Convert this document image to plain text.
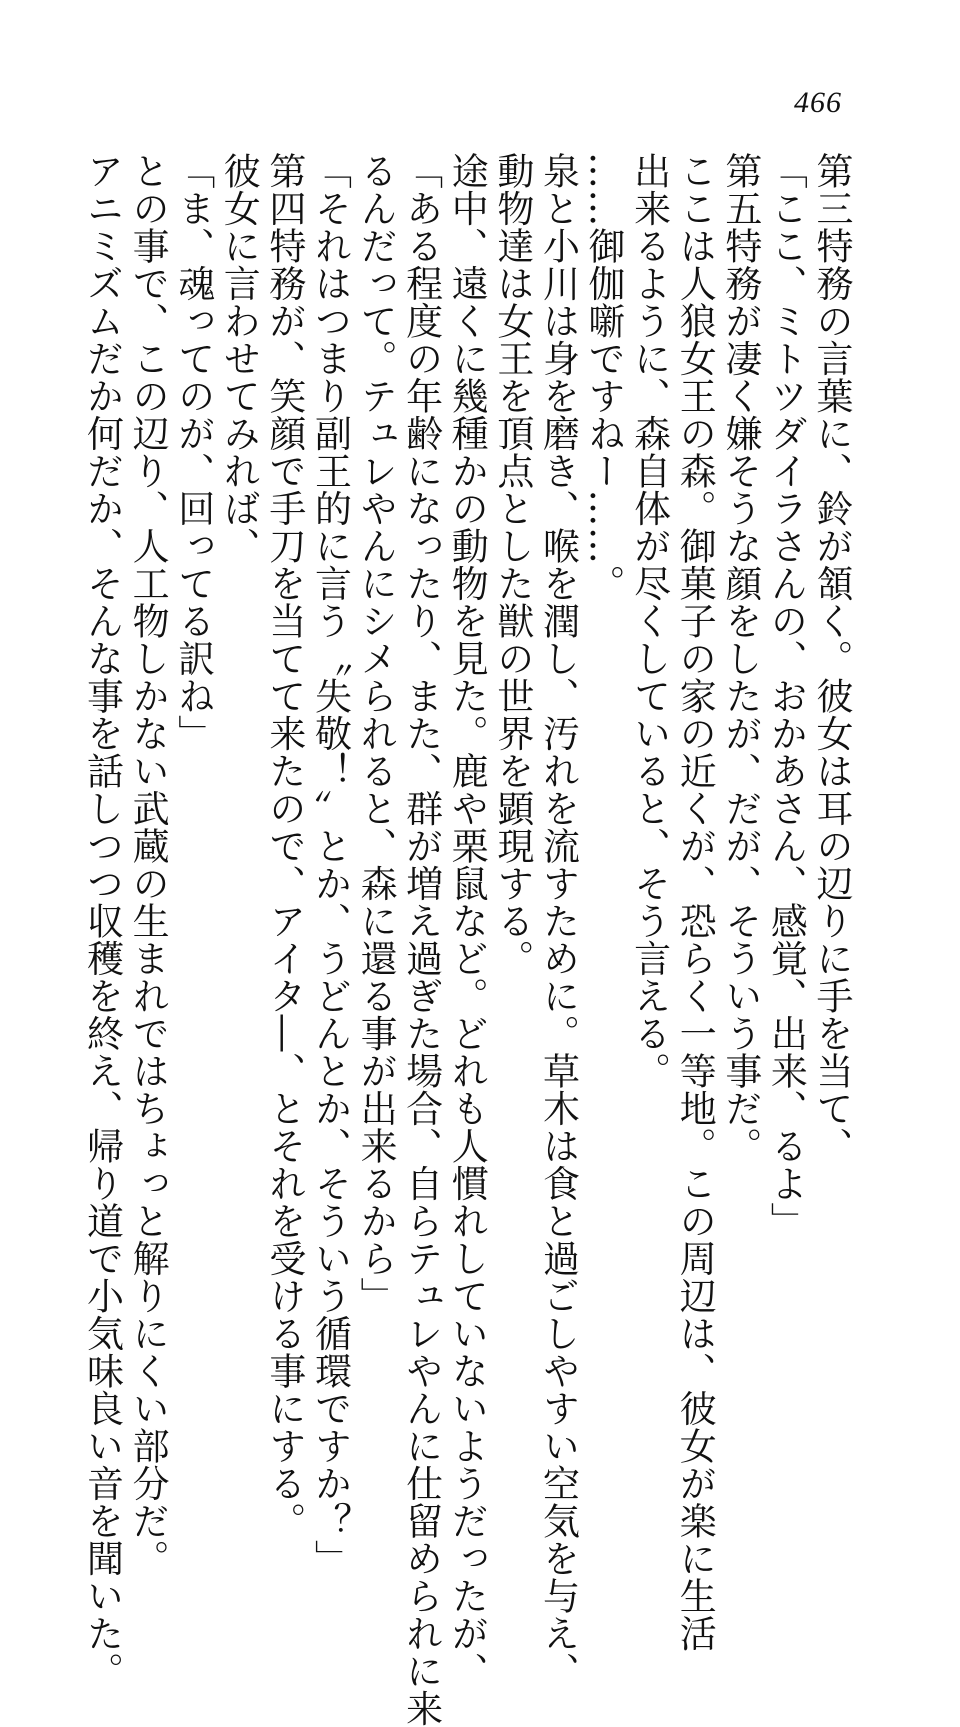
466

第三特務の言葉に、鈴が頷く。彼女は耳の辺りに手を当て、

「ここ、ミトツダイラさんの、おかあさん、感覚、出来、るよ」

第五特務が凄く嫌そうな顔をしたが、だが、そういう事だ。

ここは人狼女王の森。御菓子の家の近くが、恐らく一等地。この周辺は、彼女が楽に生活

出来るように、森自体が尽くしていると、そう言える。

……御伽噺ですねー……。

泉と小川は身を磨き、喉を潤し、汚れを流すために。草木は食と過ごしやすい空気を与え、

動物達は女王を頂点とした獣の世界を顕現する。

途中、遠くに幾種かの動物を見た。鹿や栗鼠など。どれも人慣れしていないようだったが、

「ある程度の年齢になったり、また、群が増え過ぎた場合、自らテュレやんに仕留められに来

るんだって。テュレやんにシメられると、森に還る事が出来るから」

「それはつまり副王的に言う〝失敬！〟とか、うどんとか、そういう循環ですか？」

第四特務が、笑顔で手刀を当てて来たので、アイタ―、とそれを受ける事にする。

彼女に言わせてみれば、

「ま、魂ってのが、回ってる訳ね」

との事で、この辺り、人工物しかない武蔵の生まれではちょっと解りにくい部分だ。

アニミズムだか何だか、そんな事を話しつつ収穫を終え、帰り道で小気味良い音を聞いた。
